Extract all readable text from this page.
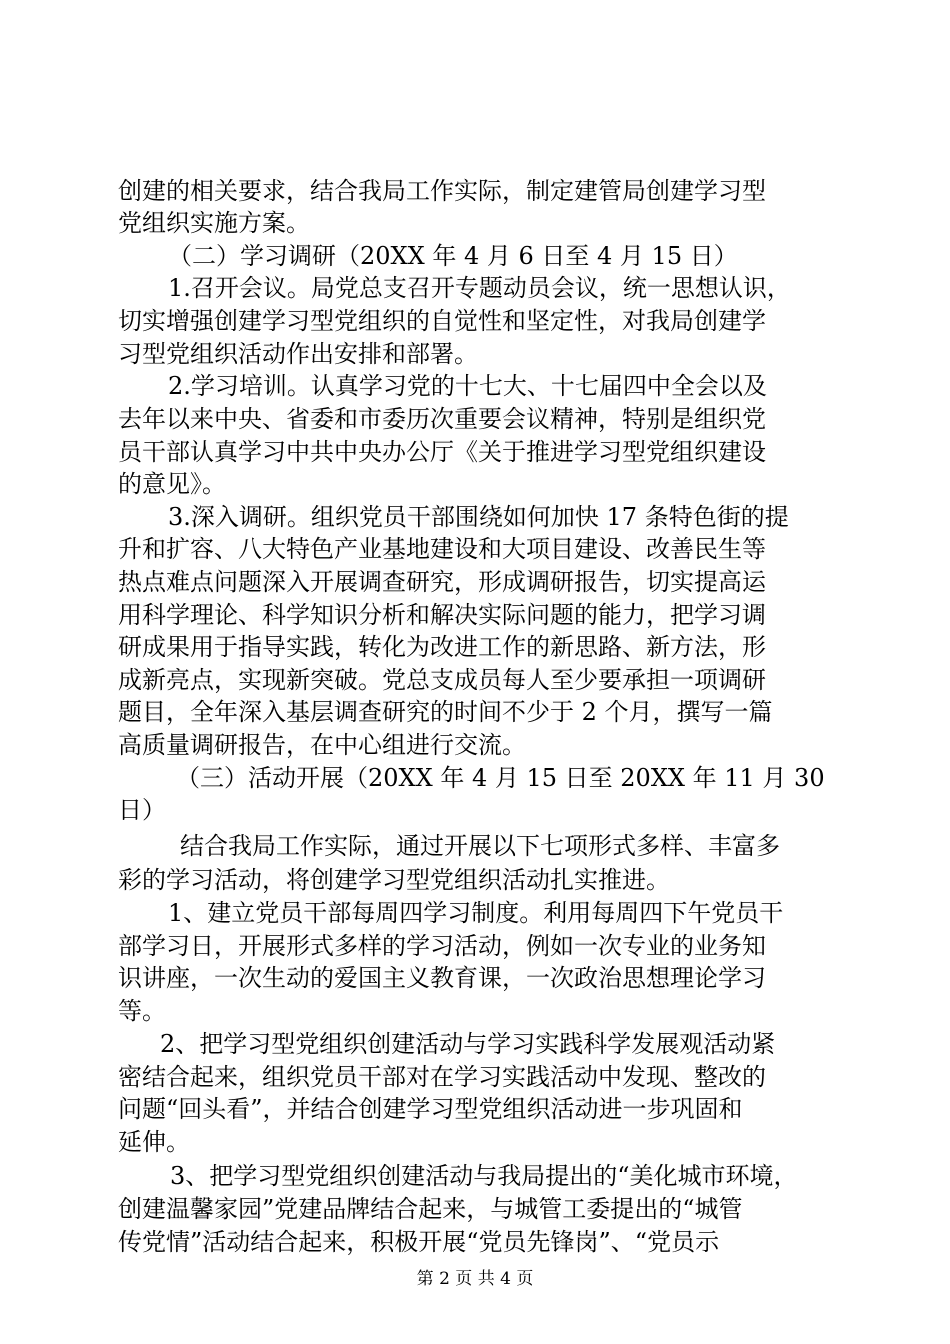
创建的相关要求，结合我局工作实际，制定建管局创建学习型
党组织实施方案。
（二）学习调研（20XX 年 4 月 6 日至 4 月 15 日）
1.召开会议。局党总支召开专题动员会议，统一思想认识，
切实增强创建学习型党组织的自觉性和坚定性，对我局创建学
习型党组织活动作出安排和部署。
2.学习培训。认真学习党的十七大、十七届四中全会以及
去年以来中央、省委和市委历次重要会议精神，特别是组织党
员干部认真学习中共中央办公厅《关于推进学习型党组织建设
的意见》。
3.深入调研。组织党员干部围绕如何加快 17 条特色街的提
升和扩容、八大特色产业基地建设和大项目建设、改善民生等
热点难点问题深入开展调查研究，形成调研报告，切实提高运
用科学理论、科学知识分析和解决实际问题的能力，把学习调
研成果用于指导实践，转化为改进工作的新思路、新方法，形
成新亮点，实现新突破。党总支成员每人至少要承担一项调研
题目，全年深入基层调查研究的时间不少于 2 个月，撰写一篇
高质量调研报告，在中心组进行交流。
（三）活动开展（20XX 年 4 月 15 日至 20XX 年 11 月 30
日）
结合我局工作实际，通过开展以下七项形式多样、丰富多
彩的学习活动，将创建学习型党组织活动扎实推进。
1、建立党员干部每周四学习制度。利用每周四下午党员干
部学习日，开展形式多样的学习活动，例如一次专业的业务知
识讲座，一次生动的爱国主义教育课，一次政治思想理论学习
等。
2、把学习型党组织创建活动与学习实践科学发展观活动紧
密结合起来，组织党员干部对在学习实践活动中发现、整改的
问题“回头看”，并结合创建学习型党组织活动进一步巩固和
延伸。
3、把学习型党组织创建活动与我局提出的“美化城市环境，
创建温馨家园”党建品牌结合起来，与城管工委提出的“城管
传党情”活动结合起来，积极开展“党员先锋岗”、“党员示
第 2 页 共 4 页
